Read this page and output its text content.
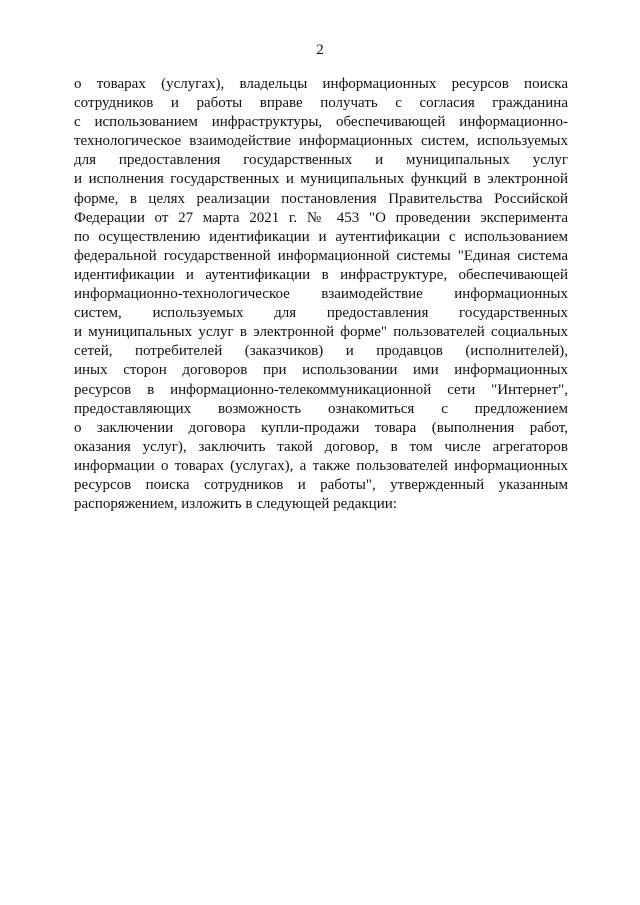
2
о товарах (услугах), владельцы информационных ресурсов поиска
сотрудников и работы вправе получать с согласия гражданина
с использованием инфраструктуры, обеспечивающей информационно-
технологическое взаимодействие информационных систем, используемых
для предоставления государственных и муниципальных услуг
и исполнения государственных и муниципальных функций в электронной
форме, в целях реализации постановления Правительства Российской
Федерации от 27 марта 2021 г. № 453 "О проведении эксперимента
по осуществлению идентификации и аутентификации с использованием
федеральной государственной информационной системы "Единая система
идентификации и аутентификации в инфраструктуре, обеспечивающей
информационно-технологическое взаимодействие информационных
систем, используемых для предоставления государственных
и муниципальных услуг в электронной форме" пользователей социальных
сетей, потребителей (заказчиков) и продавцов (исполнителей),
иных сторон договоров при использовании ими информационных
ресурсов в информационно-телекоммуникационной сети "Интернет",
предоставляющих возможность ознакомиться с предложением
о заключении договора купли-продажи товара (выполнения работ,
оказания услуг), заключить такой договор, в том числе агрегаторов
информации о товарах (услугах), а также пользователей информационных
ресурсов поиска сотрудников и работы", утвержденный указанным
распоряжением, изложить в следующей редакции:
